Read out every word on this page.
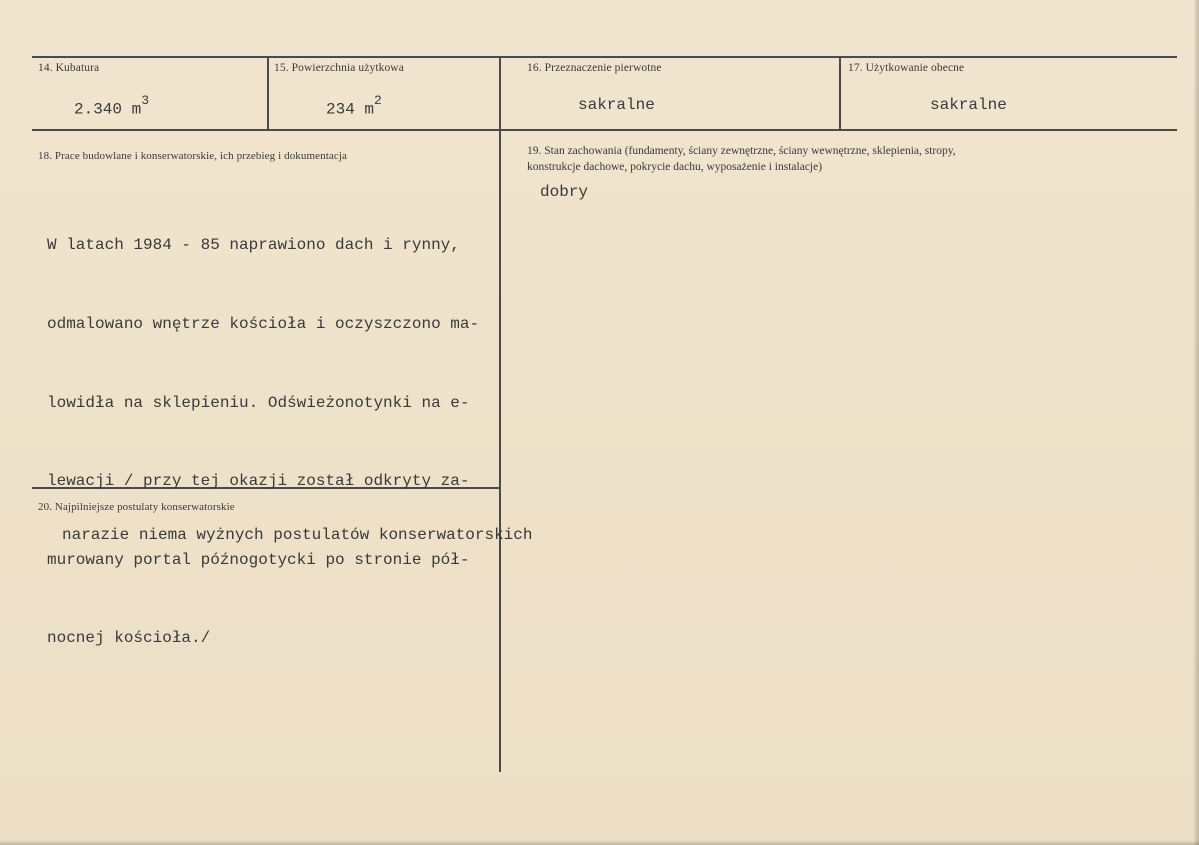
14. Kubatura
2.340 $m^3$
15. Powierzchnia użytkowa
234 $m^2$
16. Przeznaczenie pierwotne
sakralne
17. Użytkowanie obecne
sakralne
18. Prace budowlane i konserwatorskie, ich przebieg i dokumentacja

W latach 1984 - 85 naprawiono dach i rynny,

odmalowano wnętrze kościoła i oczyszczono ma-

lowidła na sklepieniu. Odświeżonotynki na e-

lewacji / przy tej okazji został odkryty za-

murowany portal późnogotycki po stronie pół-

nocnej kościoła./

19. Stan zachowania (fundamenty, ściany zewnętrzne, ściany wewnętrzne, sklepienia, stropy,
konstrukcje dachowe, pokrycie dachu, wyposażenie i instalacje)
dobry
20. Najpilniejsze postulaty konserwatorskie
narazie niema wyżnych postulatów konserwatorskich
